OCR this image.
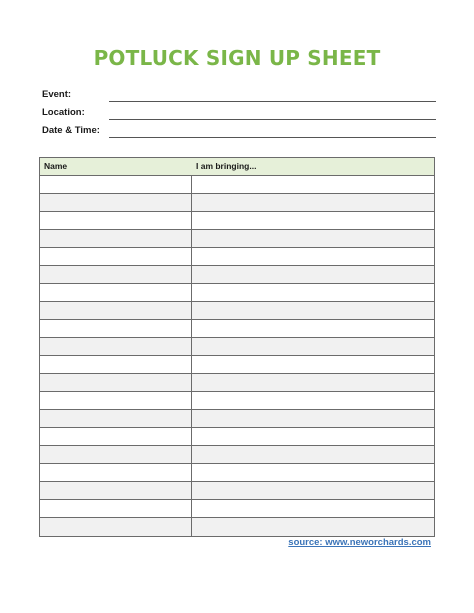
POTLUCK SIGN UP SHEET
Event:
Location:
Date & Time:
Name	I am bringing...
source: www.neworchards.com
